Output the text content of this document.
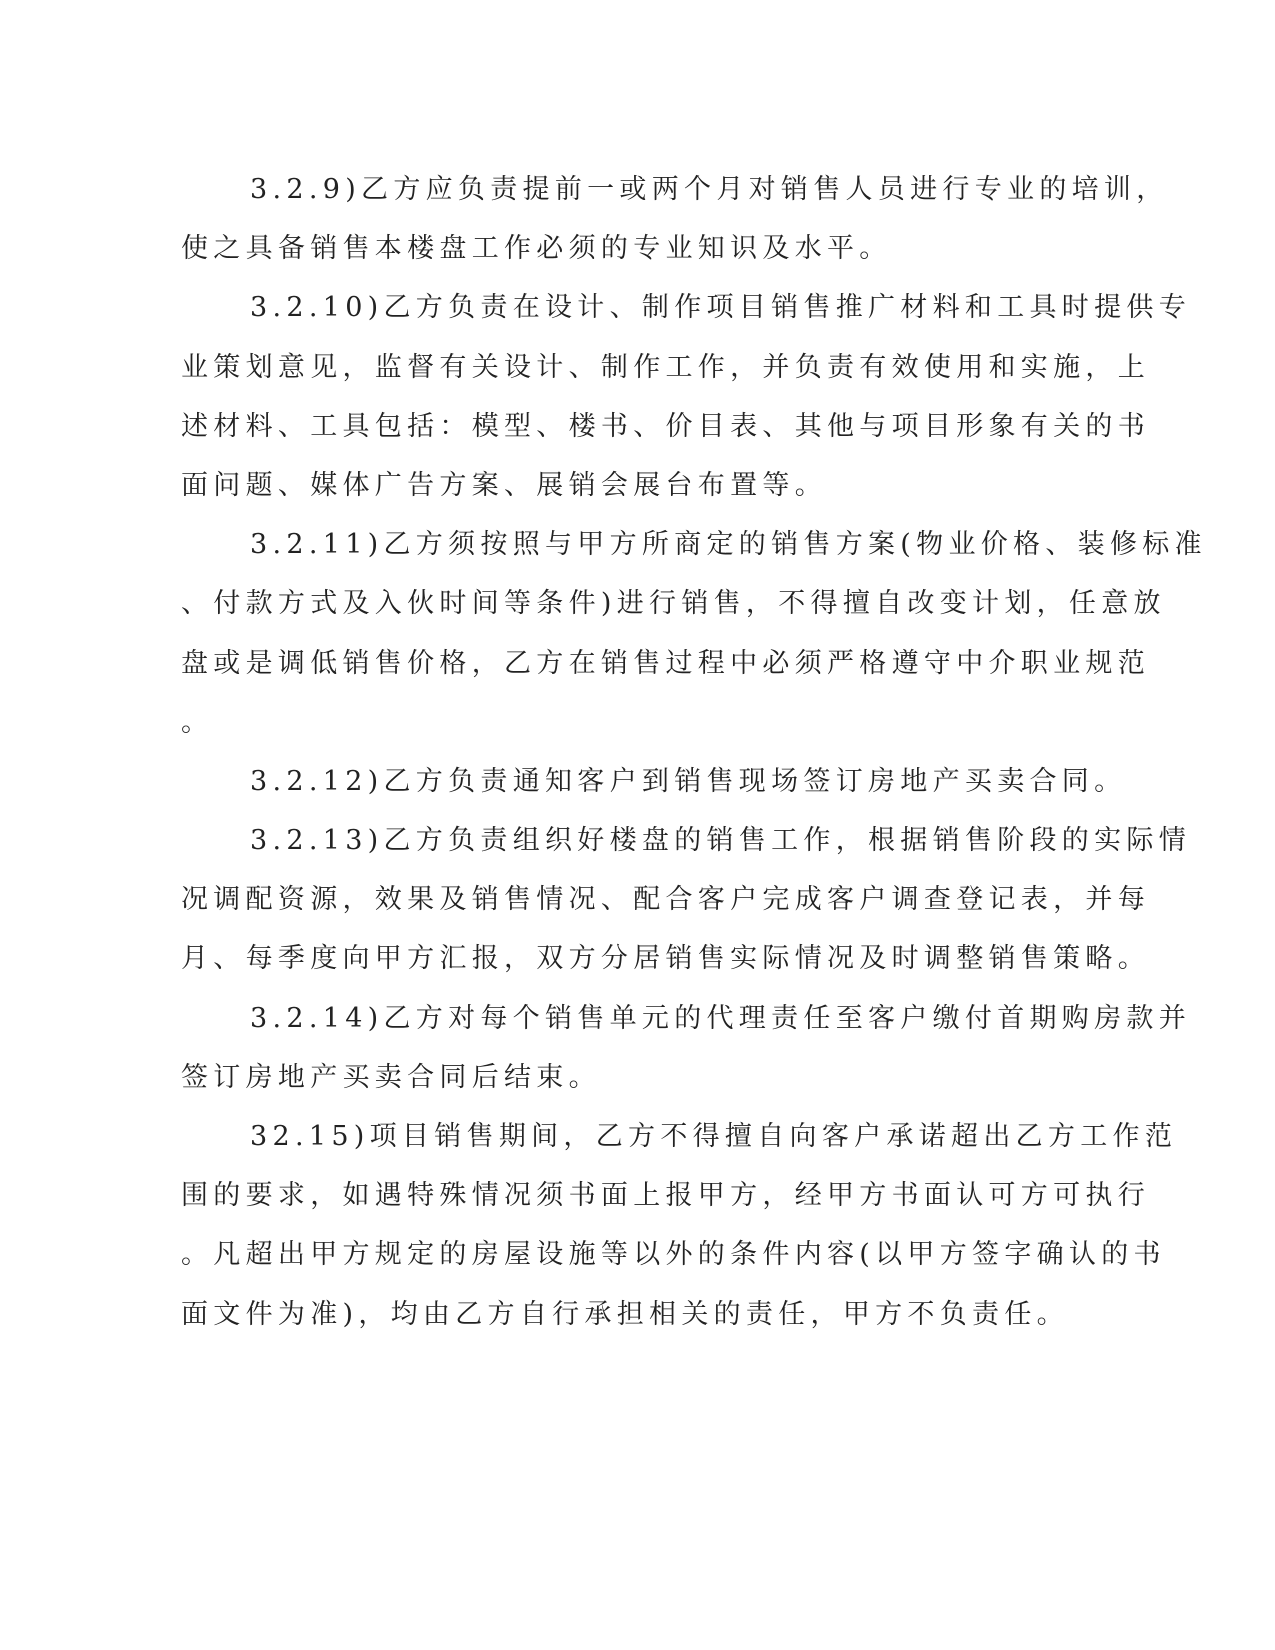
3.2.9)乙方应负责提前一或两个月对销售人员进行专业的培训，
使之具备销售本楼盘工作必须的专业知识及水平。
3.2.10)乙方负责在设计、制作项目销售推广材料和工具时提供专
业策划意见，监督有关设计、制作工作，并负责有效使用和实施，上
述材料、工具包括：模型、楼书、价目表、其他与项目形象有关的书
面问题、媒体广告方案、展销会展台布置等。
3.2.11)乙方须按照与甲方所商定的销售方案(物业价格、装修标准
、付款方式及入伙时间等条件)进行销售，不得擅自改变计划，任意放
盘或是调低销售价格，乙方在销售过程中必须严格遵守中介职业规范
。
3.2.12)乙方负责通知客户到销售现场签订房地产买卖合同。
3.2.13)乙方负责组织好楼盘的销售工作，根据销售阶段的实际情
况调配资源，效果及销售情况、配合客户完成客户调查登记表，并每
月、每季度向甲方汇报，双方分居销售实际情况及时调整销售策略。
3.2.14)乙方对每个销售单元的代理责任至客户缴付首期购房款并
签订房地产买卖合同后结束。
32.15)项目销售期间，乙方不得擅自向客户承诺超出乙方工作范
围的要求，如遇特殊情况须书面上报甲方，经甲方书面认可方可执行
。凡超出甲方规定的房屋设施等以外的条件内容(以甲方签字确认的书
面文件为准)，均由乙方自行承担相关的责任，甲方不负责任。
